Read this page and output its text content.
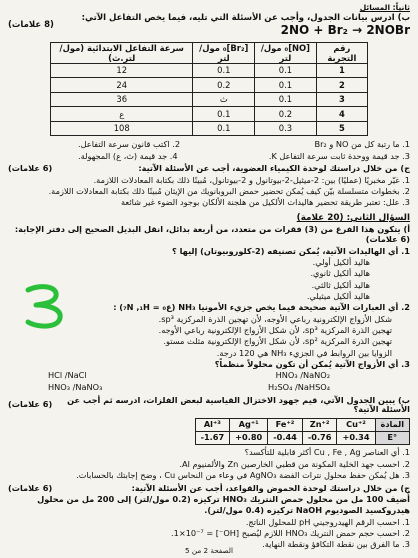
ثانياً: المسائل
ب) ادرس بيانات الجدول، وأجب عن الأسئلة التي تليه، فيما يخص التفاعل الآتي: 2NO + Br₂ → 2NOBr
(8 علامات)
رقم التجربة	[NO]₀ مول/لتر	[Br₂]₀ مول/لتر	سرعة التفاعل الابتدائية (مول/لتر.ث)
1	0.1	0.1	12
2	0.1	0.2	24
3	0.1	ث	36
4	0.2	0.1	ع
5	0.3	0.1	108
1. ما رتبة كل من NO و Br₂
2. اكتب قانون سرعة التفاعل.
3. جد قيمة ووحدة ثابت سرعة التفاعل K.
4. جد قيمة (ث، ع) المجهولة.
ج) من خلال دراستك لوحدة الكيمياء العضوية، أجب عن الأسئلة الآتية:
(6 علامات)
1. غيّر مخبريًا (عمليًا) بين: 2-ميثيل-2-بيوتانول و 2-بيوتانول، مُبينًا ذلك بكتابة المعادلات اللازمة.
2. بخطوات متسلسلة بيّن كيف يُمكن تحضير حمض البروبانويك من الإيثان مُبينًا ذلك بكتابة المعادلات اللازمة.
3. علل: تعتبر طريقة تحضير هاليدات الألكيل من هلجنة الألكان بوجود الضوء غير شائعة
السؤال الثاني: (20 علامة)
أ) يتكون هذا الفرع من (3) فقرات من متعدد، من أربعة بدائل، انقل البديل الصحيح إلى دفتر الإجابة: (6 علامات)
1. أي الهاليدات الآتية، يُمكن تصنيفه (2-كلوروبيوتان) إليها ؟
هاليد ألكيل أولي.
هاليد ألكيل ثانوي.
هاليد ألكيل ثالثي.
هاليد ألكيل ميثيلي.
2. أي العبارات الآتية صحيحة فيما يخص جزيء الأمونيا NH₃ (ع₀ = ₇N ,₁H) :
شكل الأزواج الإلكترونية رباعي الأوجه، لأن تهجين الذرة المركزية sp³.
تهجين الذرة المركزية sp³، لأن شكل الأزواج الإلكترونية رباعي الأوجه.
تهجين الذرة المركزية sp²، لأن شكل الأزواج الإلكترونية مثلث مستو.
الزوايا بين الروابط في الجزيء NH₃ هي 120 درجة.
3. أي الأزواج الآتية يُمكن أن تكون محلولاً منظماً؟
HCl /NaCl	HNO₃ /NaNO₂
HNO₃ /NaNO₃	H₂SO₄ /NaHSO₄
ب) يبين الجدول الآتي، قيم جهود الاختزال القياسية لبعض الفلزات، ادرسه ثم أجب عن الأسئلة الآتية؟
(6 علامات)
Al⁺³	Ag⁺¹	Fe⁺²	Zn⁺²	Cu⁺²	المادة
-1.67	+0.80	-0.44	-0.76	+0.34	E°
1. أي العناصر Cu , Fe , Ag أكثر قابلية للتأكسد؟
2. احسب جهد الخلية المكونة من قطبي الخارصين Zn والألمنيوم Al.
3. هل يُمكن حفظ محلول نترات الفضة AgNO₃ في وعاء من النحاس Cu ، وضح إجابتك بالحسابات.
ج) من خلال دراستك لوحدة الحموض والقواعد، أجب عن الأسئلة الآتية:
(6 علامات)
أُضيف 100 مل من محلول حمض النتريك HNO₃ تركيزه (0.2 مول/لتر) إلى 200 مل من محلول
هيدروكسيد الصوديوم NaOH تركيزه (0.4 مول/لتر).
1. احسب الرقم الهيدروجيني pH للمحلول الناتج.
2. احسب حجم حمض النتريك HNO₃ اللازم ليُصبح [OH⁻] = 1×10⁻⁷.
3. ما الفرق بين نقطة التكافؤ ونقطة النهاية.
الصفحة 2 من 5
